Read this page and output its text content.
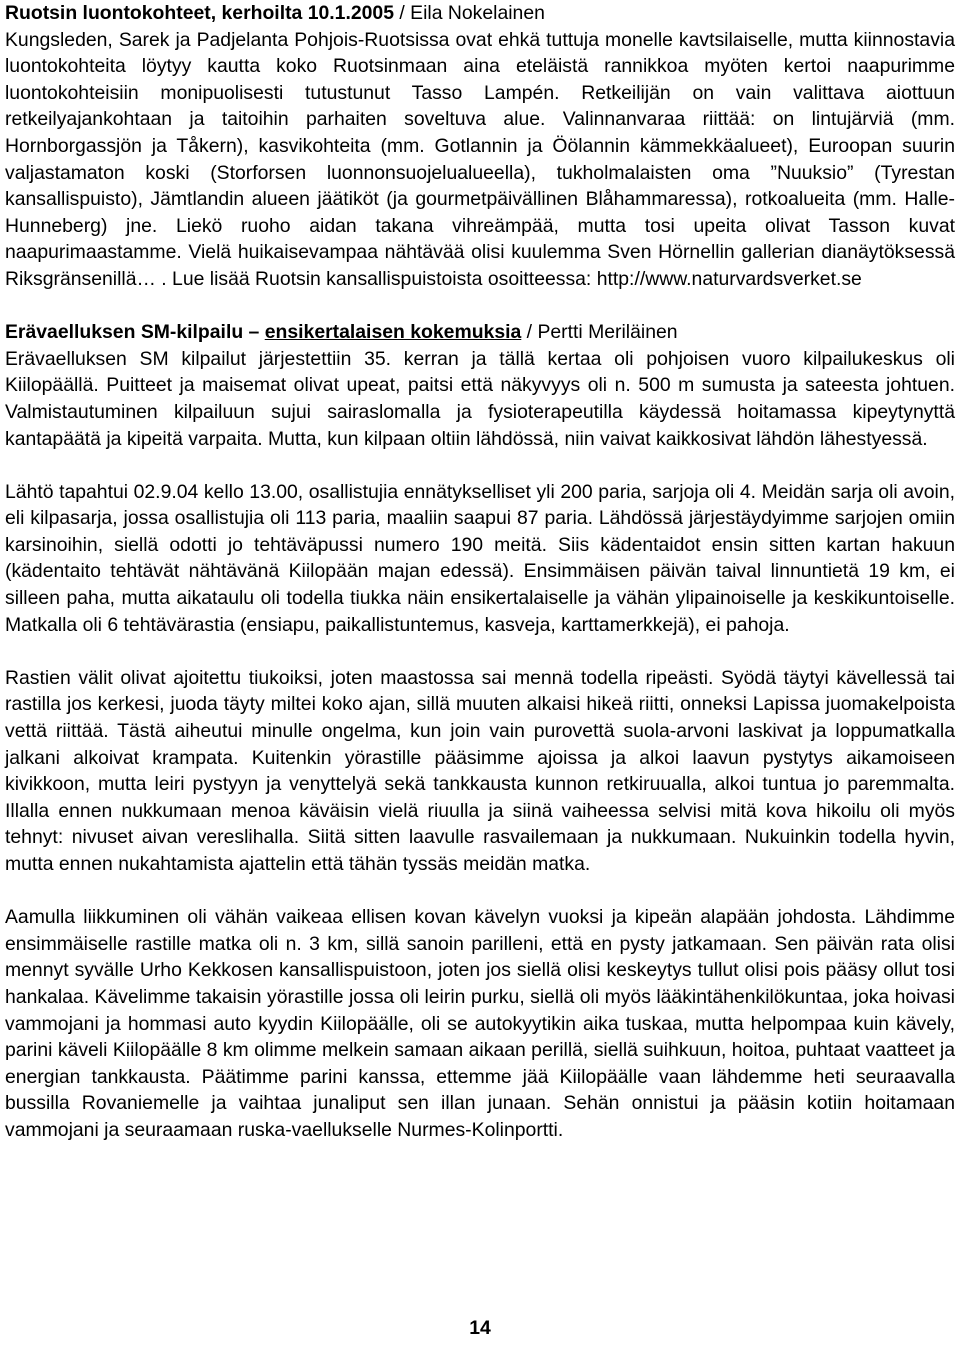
Ruotsin luontokohteet, kerhoilta 10.1.2005 / Eila Nokelainen
Kungsleden, Sarek ja Padjelanta Pohjois-Ruotsissa ovat ehkä tuttuja monelle kavtsilaiselle, mutta kiinnostavia luontokohteita löytyy kautta koko Ruotsinmaan aina eteläistä rannikkoa myöten kertoi naapurimme luontokohteisiin monipuolisesti tutustunut Tasso Lampén. Retkeilijän on vain valittava aiottuun retkeilyajankohtaan ja taitoihin parhaiten soveltuva alue. Valinnanvaraa riittää: on lintujärviä (mm. Hornborgassjön ja Tåkern), kasvikohteita (mm. Gotlannin ja Öölannin kämmekkäalueet), Euroopan suurin valjastamaton koski (Storforsen luonnonsuojelualueella), tukholmalaisten oma ”Nuuksio” (Tyrestan kansallispuisto), Jämtlandin alueen jäätiköt (ja gourmetpäivällinen Blåhammaressa), rotkoalueita (mm. Halle-Hunneberg) jne. Liekö ruoho aidan takana vihreämpää, mutta tosi upeita olivat Tasson kuvat naapurimaastamme. Vielä huikaisevampaa nähtävää olisi kuulemma Sven Hörnellin gallerian dianäytöksessä Riksgränsenillä… . Lue lisää Ruotsin kansallispuistoista osoitteessa: http://www.naturvardsverket.se

Erävaelluksen SM-kilpailu – ensikertalaisen kokemuksia / Pertti Meriläinen
Erävaelluksen SM kilpailut järjestettiin 35. kerran ja tällä kertaa oli pohjoisen vuoro kilpailukeskus oli Kiilopäällä. Puitteet ja maisemat olivat upeat, paitsi että näkyvyys oli n. 500 m sumusta ja sateesta johtuen. Valmistautuminen kilpailuun sujui sairaslomalla ja fysioterapeutilla käydessä hoitamassa kipeytynyttä kantapäätä ja kipeitä varpaita. Mutta, kun kilpaan oltiin lähdössä, niin vaivat kaikkosivat lähdön lähestyessä.

Lähtö tapahtui 02.9.04 kello 13.00, osallistujia ennätykselliset yli 200 paria, sarjoja oli 4. Meidän sarja oli avoin, eli kilpasarja, jossa osallistujia oli 113 paria, maaliin saapui 87 paria. Lähdössä järjestäydyimme sarjojen omiin karsinoihin, siellä odotti jo tehtäväpussi numero 190 meitä. Siis kädentaidot ensin sitten kartan hakuun (kädentaito tehtävät nähtävänä Kiilopään majan edessä). Ensimmäisen päivän taival linnuntietä 19 km, ei silleen paha, mutta aikataulu oli todella tiukka näin ensikertalaiselle ja vähän ylipainoiselle ja keskikuntoiselle. Matkalla oli 6 tehtävärastia (ensiapu, paikallistuntemus, kasveja, karttamerkkejä), ei pahoja.

Rastien välit olivat ajoitettu tiukoiksi, joten maastossa sai mennä todella ripeästi. Syödä täytyi kävellessä tai rastilla jos kerkesi, juoda täyty miltei koko ajan, sillä muuten alkaisi hikeä riitti, onneksi Lapissa juomakelpoista vettä riittää. Tästä aiheutui minulle ongelma, kun join vain purovettä suola-arvoni laskivat ja loppumatkalla jalkani alkoivat krampata. Kuitenkin yörastille pääsimme ajoissa ja alkoi laavun pystytys aikamoiseen kivikkoon, mutta leiri pystyyn ja venyttelyä sekä tankkausta kunnon retkiruualla, alkoi tuntua jo paremmalta. Illalla ennen nukkumaan menoa käväisin vielä riuulla ja siinä vaiheessa selvisi mitä kova hikoilu oli myös tehnyt: nivuset aivan vereslihalla. Siitä sitten laavulle rasvailemaan ja nukkumaan. Nukuinkin todella hyvin, mutta ennen nukahtamista ajattelin että tähän tyssäs meidän matka.

Aamulla liikkuminen oli vähän vaikeaa ellisen kovan kävelyn vuoksi ja kipeän alapään johdosta. Lähdimme ensimmäiselle rastille matka oli n. 3 km, sillä sanoin parilleni, että en pysty jatkamaan. Sen päivän rata olisi mennyt syvälle Urho Kekkosen kansallispuistoon, joten jos siellä olisi keskeytys tullut olisi pois pääsy ollut tosi hankalaa. Kävelimme takaisin yörastille jossa oli leirin purku, siellä oli myös lääkintähenkilökuntaa, joka hoivasi vammojani ja hommasi auto kyydin Kiilopäälle, oli se autokyytikin aika tuskaa, mutta helpompaa kuin kävely, parini käveli Kiilopäälle 8 km olimme melkein samaan aikaan perillä, siellä suihkuun, hoitoa, puhtaat vaatteet ja energian tankkausta. Päätimme parini kanssa, ettemme jää Kiilopäälle vaan lähdemme heti seuraavalla bussilla Rovaniemelle ja vaihtaa junaliput sen illan junaan. Sehän onnistui ja pääsin kotiin hoitamaan vammojani ja seuraamaan ruska-vaellukselle Nurmes-Kolinportti.

14
